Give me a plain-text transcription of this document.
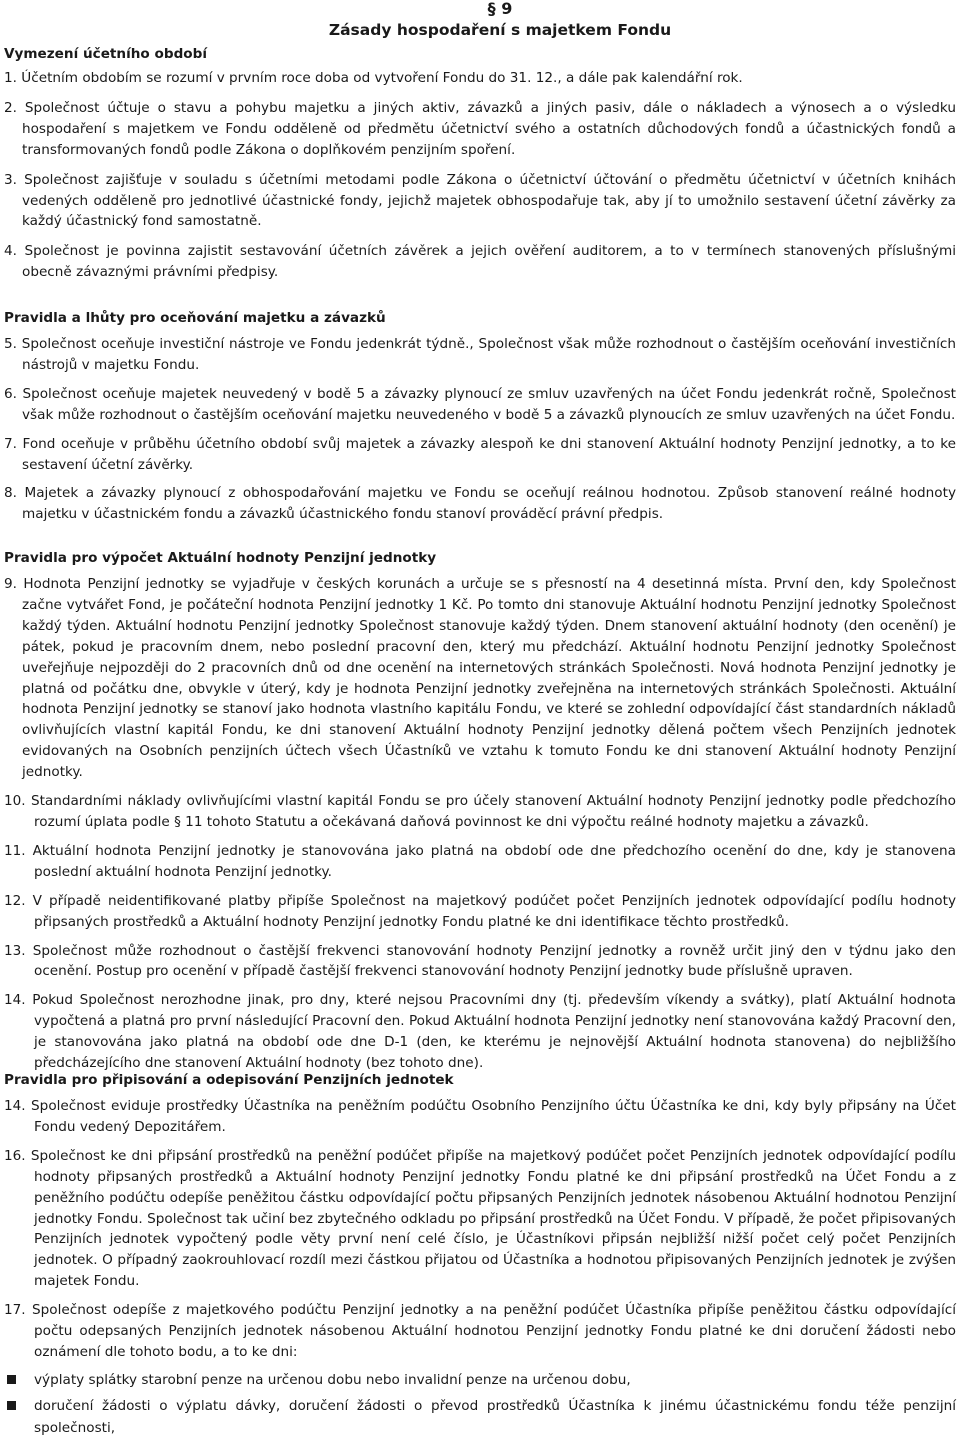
§ 9
Zásady hospodaření s majetkem Fondu
Vymezení účetního období

1. Účetním obdobím se rozumí v prvním roce doba od vytvoření Fondu do 31. 12., a dále pak kalendářní rok.

2. Společnost účtuje o stavu a pohybu majetku a jiných aktiv, závazků a jiných pasiv, dále o nákladech a výnosech a o výsledku hospodaření s majetkem ve Fondu odděleně od předmětu účetnictví svého a ostatních důchodových fondů a účastnických fondů a transformovaných fondů podle Zákona o doplňkovém penzijním spoření.

3. Společnost zajišťuje v souladu s účetními metodami podle Zákona o účetnictví účtování o předmětu účetnictví v účetních knihách vedených odděleně pro jednotlivé účastnické fondy, jejichž majetek obhospodařuje tak, aby jí to umožnilo sestavení účetní závěrky za každý účastnický fond samostatně.

4. Společnost je povinna zajistit sestavování účetních závěrek a jejich ověření auditorem, a to v termínech stanovených příslušnými obecně závaznými právními předpisy.

Pravidla a lhůty pro oceňování majetku a závazků

5. Společnost oceňuje investiční nástroje ve Fondu jedenkrát týdně., Společnost však může rozhodnout o častějším oceňování investičních nástrojů v majetku Fondu.

6. Společnost oceňuje majetek neuvedený v bodě 5 a závazky plynoucí ze smluv uzavřených na účet Fondu jedenkrát ročně, Společnost však může rozhodnout o častějším oceňování majetku neuvedeného v bodě 5 a závazků plynoucích ze smluv uzavřených na účet Fondu.

7. Fond oceňuje v průběhu účetního období svůj majetek a závazky alespoň ke dni stanovení Aktuální hodnoty Penzijní jednotky, a to ke sestavení účetní závěrky.

8. Majetek a závazky plynoucí z obhospodařování majetku ve Fondu se oceňují reálnou hodnotou. Způsob stanovení reálné hodnoty majetku v účastnickém fondu a závazků účastnického fondu stanoví prováděcí právní předpis.

Pravidla pro výpočet Aktuální hodnoty Penzijní jednotky

9. Hodnota Penzijní jednotky se vyjadřuje v českých korunách a určuje se s přesností na 4 desetinná místa. První den, kdy Společnost začne vytvářet Fond, je počáteční hodnota Penzijní jednotky 1 Kč. Po tomto dni stanovuje Aktuální hodnotu Penzijní jednotky Společnost každý týden. Aktuální hodnotu Penzijní jednotky Společnost stanovuje každý týden. Dnem stanovení aktuální hodnoty (den ocenění) je pátek, pokud je pracovním dnem, nebo poslední pracovní den, který mu předchází. Aktuální hodnotu Penzijní jednotky Společnost uveřejňuje nejpozději do 2 pracovních dnů od dne ocenění na internetových stránkách Společnosti. Nová hodnota Penzijní jednotky je platná od počátku dne, obvykle v úterý, kdy je hodnota Penzijní jednotky zveřejněna na internetových stránkách Společnosti. Aktuální hodnota Penzijní jednotky se stanoví jako hodnota vlastního kapitálu Fondu, ve které se zohlední odpovídající část standardních nákladů ovlivňujících vlastní kapitál Fondu, ke dni stanovení Aktuální hodnoty Penzijní jednotky dělená počtem všech Penzijních jednotek evidovaných na Osobních penzijních účtech všech Účastníků ve vztahu k tomuto Fondu ke dni stanovení Aktuální hodnoty Penzijní jednotky.

10. Standardními náklady ovlivňujícími vlastní kapitál Fondu se pro účely stanovení Aktuální hodnoty Penzijní jednotky podle předchozího rozumí úplata podle § 11 tohoto Statutu a očekávaná daňová povinnost ke dni výpočtu reálné hodnoty majetku a závazků.

11. Aktuální hodnota Penzijní jednotky je stanovována jako platná na období ode dne předchozího ocenění do dne, kdy je stanovena poslední aktuální hodnota Penzijní jednotky.

12. V případě neidentifikované platby připíše Společnost na majetkový podúčet počet Penzijních jednotek odpovídající podílu hodnoty připsaných prostředků a Aktuální hodnoty Penzijní jednotky Fondu platné ke dni identifikace těchto prostředků.

13. Společnost může rozhodnout o častější frekvenci stanovování hodnoty Penzijní jednotky a rovněž určit jiný den v týdnu jako den ocenění. Postup pro ocenění v případě častější frekvenci stanovování hodnoty Penzijní jednotky bude příslušně upraven.

14. Pokud Společnost nerozhodne jinak, pro dny, které nejsou Pracovními dny (tj. především víkendy a svátky), platí Aktuální hodnota vypočtená a platná pro první následující Pracovní den. Pokud Aktuální hodnota Penzijní jednotky není stanovována každý Pracovní den, je stanovována jako platná na období ode dne D-1 (den, ke kterému je nejnovější Aktuální hodnota stanovena) do nejbližšího předcházejícího dne stanovení Aktuální hodnoty (bez tohoto dne).

Pravidla pro připisování a odepisování Penzijních jednotek

14. Společnost eviduje prostředky Účastníka na peněžním podúčtu Osobního Penzijního účtu Účastníka ke dni, kdy byly připsány na Účet Fondu vedený Depozitářem.

16. Společnost ke dni připsání prostředků na peněžní podúčet připíše na majetkový podúčet počet Penzijních jednotek odpovídající podílu hodnoty připsaných prostředků a Aktuální hodnoty Penzijní jednotky Fondu platné ke dni připsání prostředků na Účet Fondu a z peněžního podúčtu odepíše peněžitou částku odpovídající počtu připsaných Penzijních jednotek násobenou Aktuální hodnotou Penzijní jednotky Fondu. Společnost tak učiní bez zbytečného odkladu po připsání prostředků na Účet Fondu. V případě, že počet připisovaných Penzijních jednotek vypočtený podle věty první není celé číslo, je Účastníkovi připsán nejbližší nižší počet celý počet Penzijních jednotek. O případný zaokrouhlovací rozdíl mezi částkou přijatou od Účastníka a hodnotou připisovaných Penzijních jednotek je zvýšen majetek Fondu.

17. Společnost odepíše z majetkového podúčtu Penzijní jednotky a na peněžní podúčet Účastníka připíše peněžitou částku odpovídající počtu odepsaných Penzijních jednotek násobenou Aktuální hodnotou Penzijní jednotky Fondu platné ke dni doručení žádosti nebo oznámení dle tohoto bodu, a to ke dni:

výplaty splátky starobní penze na určenou dobu nebo invalidní penze na určenou dobu,

doručení žádosti o výplatu dávky, doručení žádosti o převod prostředků Účastníka k jinému účastnickému fondu téže penzijní společnosti,
